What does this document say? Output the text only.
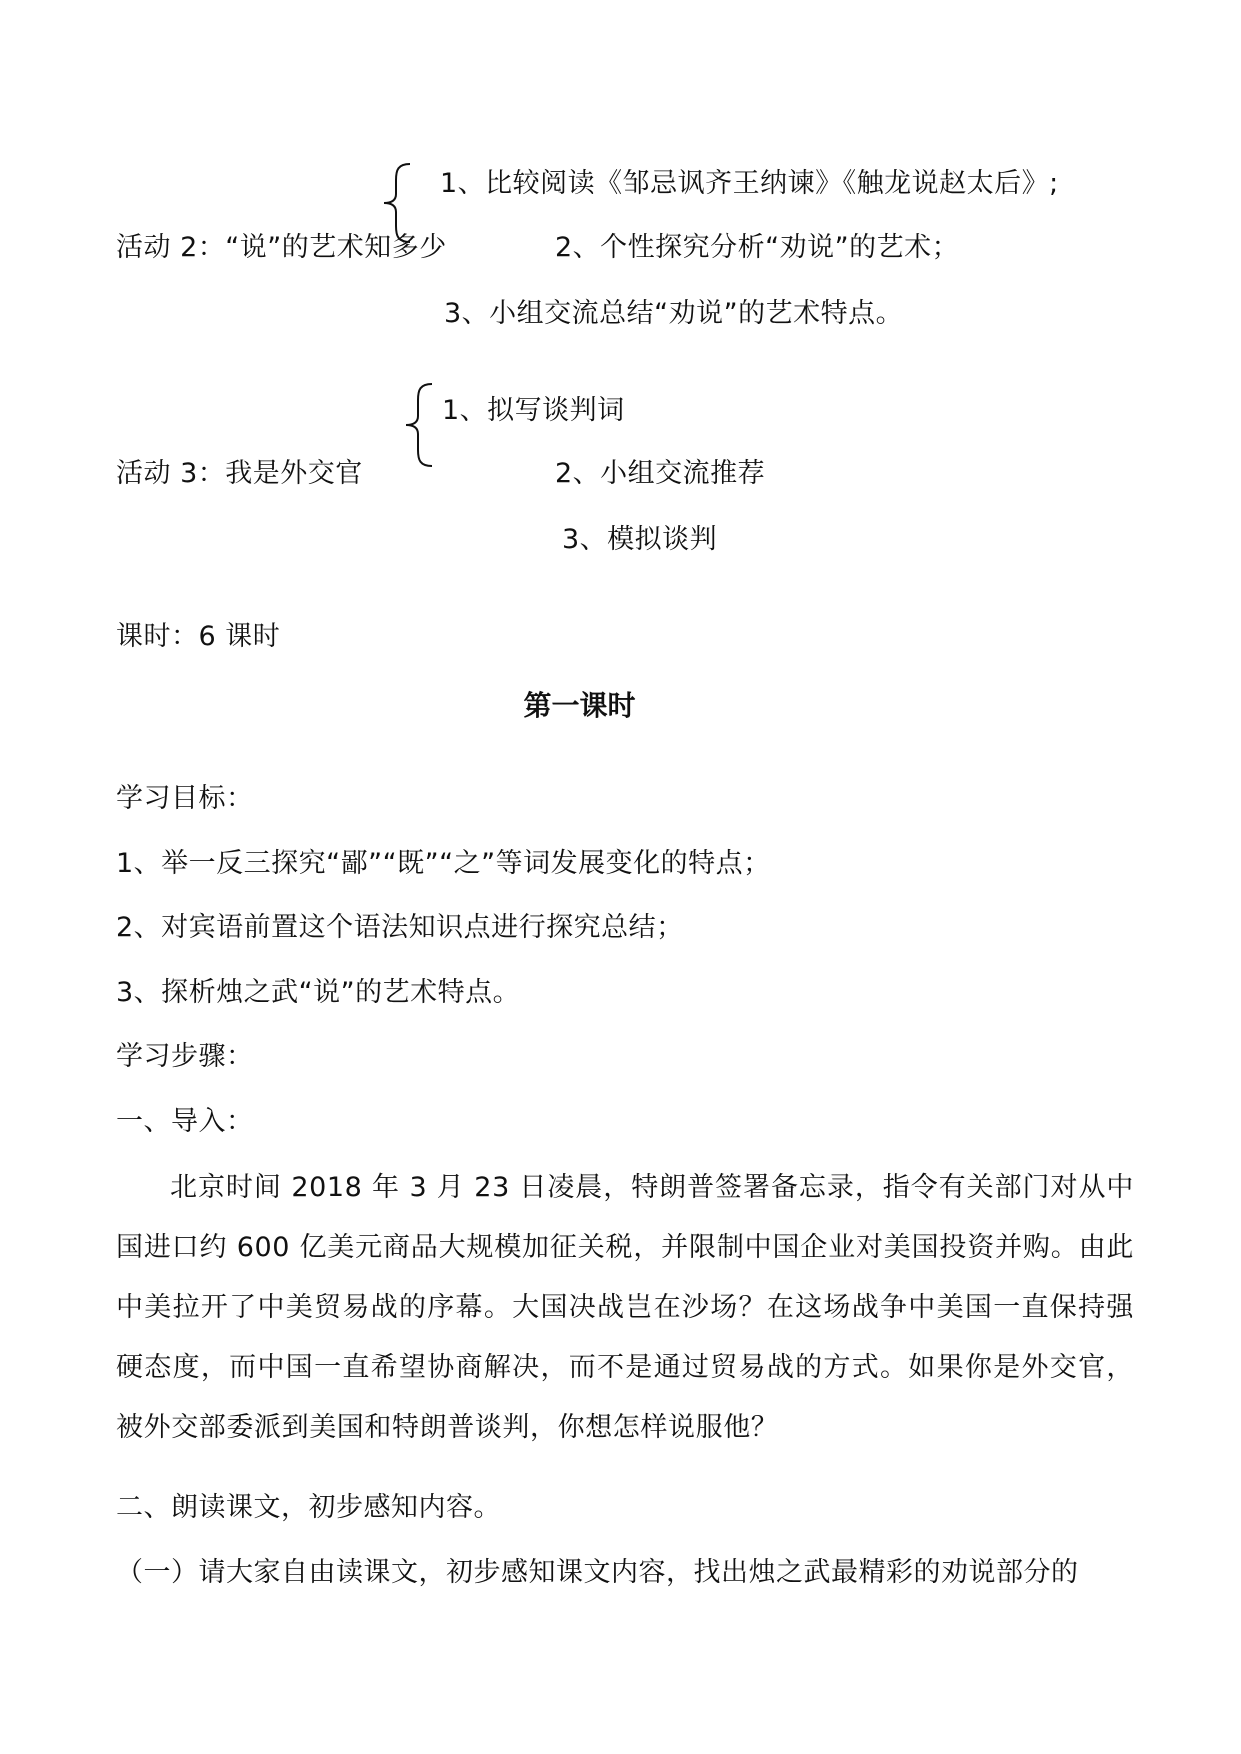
1、比较阅读《邹忌讽齐王纳谏》《触龙说赵太后》;
活动 2：“说”的艺术知多少	2、个性探究分析“劝说”的艺术；
3、小组交流总结“劝说”的艺术特点。
1、拟写谈判词
活动 3：我是外交官	2、小组交流推荐
3、模拟谈判
课时：6 课时
第一课时
学习目标：
1、举一反三探究“鄙”“既”“之”等词发展变化的特点；
2、对宾语前置这个语法知识点进行探究总结；
3、探析烛之武“说”的艺术特点。
学习步骤：
一、导入：

北京时间 2018 年 3 月 23 日凌晨，特朗普签署备忘录，指令有关部门对从中国进口约 600 亿美元商品大规模加征关税，并限制中国企业对美国投资并购。由此中美拉开了中美贸易战的序幕。大国决战岂在沙场？在这场战争中美国一直保持强硬态度，而中国一直希望协商解决，而不是通过贸易战的方式。如果你是外交官，被外交部委派到美国和特朗普谈判，你想怎样说服他？

二、朗读课文，初步感知内容。
（一）请大家自由读课文，初步感知课文内容，找出烛之武最精彩的劝说部分的
